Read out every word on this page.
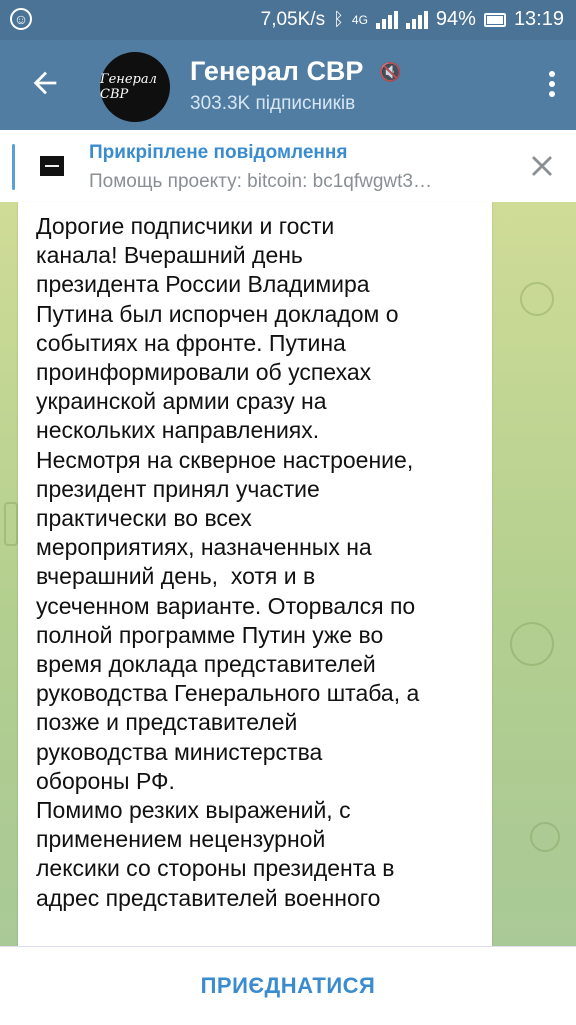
☺	7,05K/s ᛒ 4G	94% 13:19
Генерал СВР
Генерал СВР 🔇
303.3K підписників
Прикріплене повідомлення
Помощь проекту: bitcoin: bc1qfwgwt3…
Дорогие подписчики и гости
канала! Вчерашний день
президента России Владимира
Путина был испорчен докладом о
событиях на фронте. Путина
проинформировали об успехах
украинской армии сразу на
нескольких направлениях.
Несмотря на скверное настроение,
президент принял участие
практически во всех
мероприятиях, назначенных на
вчерашний день,  хотя и в
усеченном варианте. Оторвался по
полной программе Путин уже во
время доклада представителей
руководства Генерального штаба, а
позже и представителей
руководства министерства
обороны РФ.
Помимо резких выражений, с
применением нецензурной
лексики со стороны президента в
адрес представителей военного
ПРИЄДНАТИСЯ
